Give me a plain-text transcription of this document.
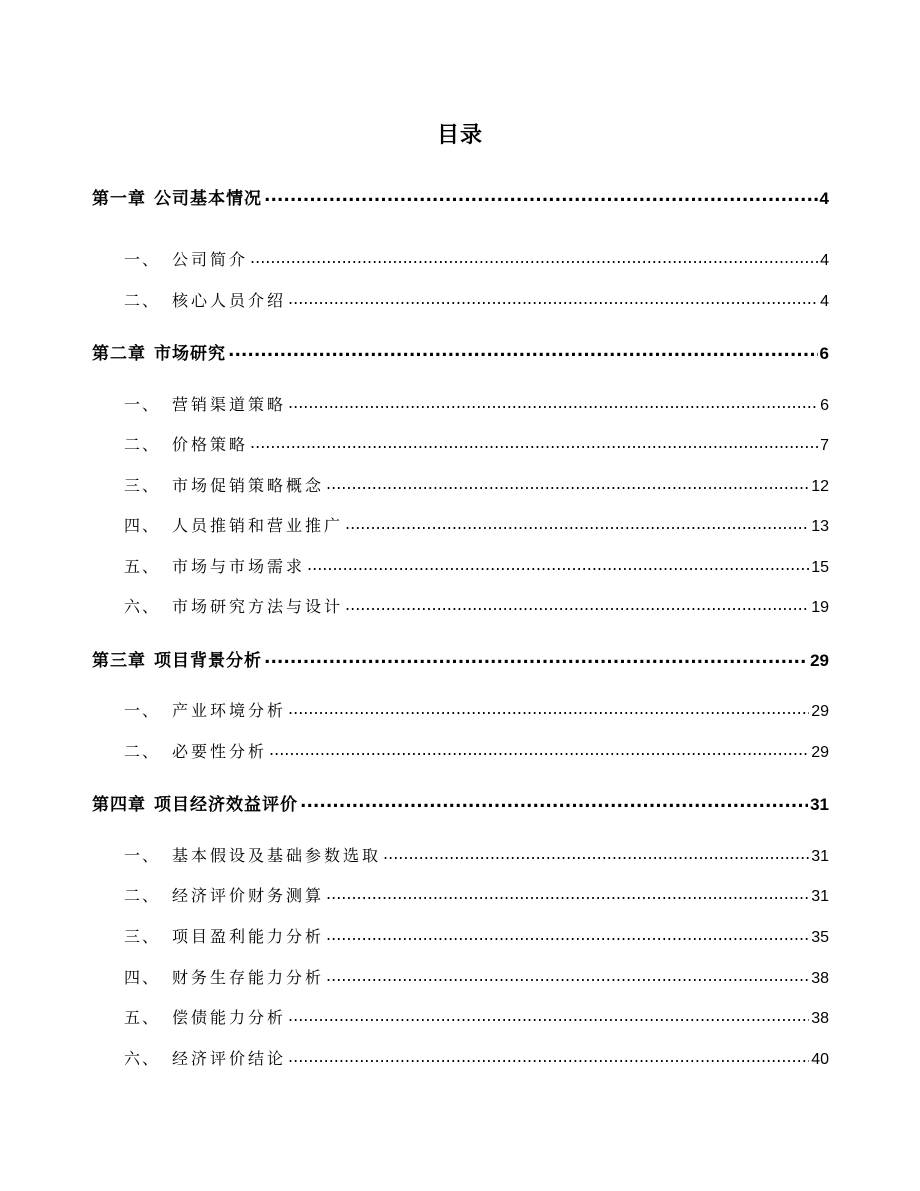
目录
第一章 公司基本情况 .....	4
一、 公司简介 .....	4
二、 核心人员介绍 .....	4
第二章 市场研究 .....	6
一、 营销渠道策略 .....	6
二、 价格策略 .....	7
三、 市场促销策略概念 .....	12
四、 人员推销和营业推广 .....	13
五、 市场与市场需求 .....	15
六、 市场研究方法与设计 .....	19
第三章 项目背景分析 .....	29
一、 产业环境分析 .....	29
二、 必要性分析 .....	29
第四章 项目经济效益评价 .....	31
一、 基本假设及基础参数选取 .....	31
二、 经济评价财务测算 .....	31
三、 项目盈利能力分析 .....	35
四、 财务生存能力分析 .....	38
五、 偿债能力分析 .....	38
六、 经济评价结论 .....	40
